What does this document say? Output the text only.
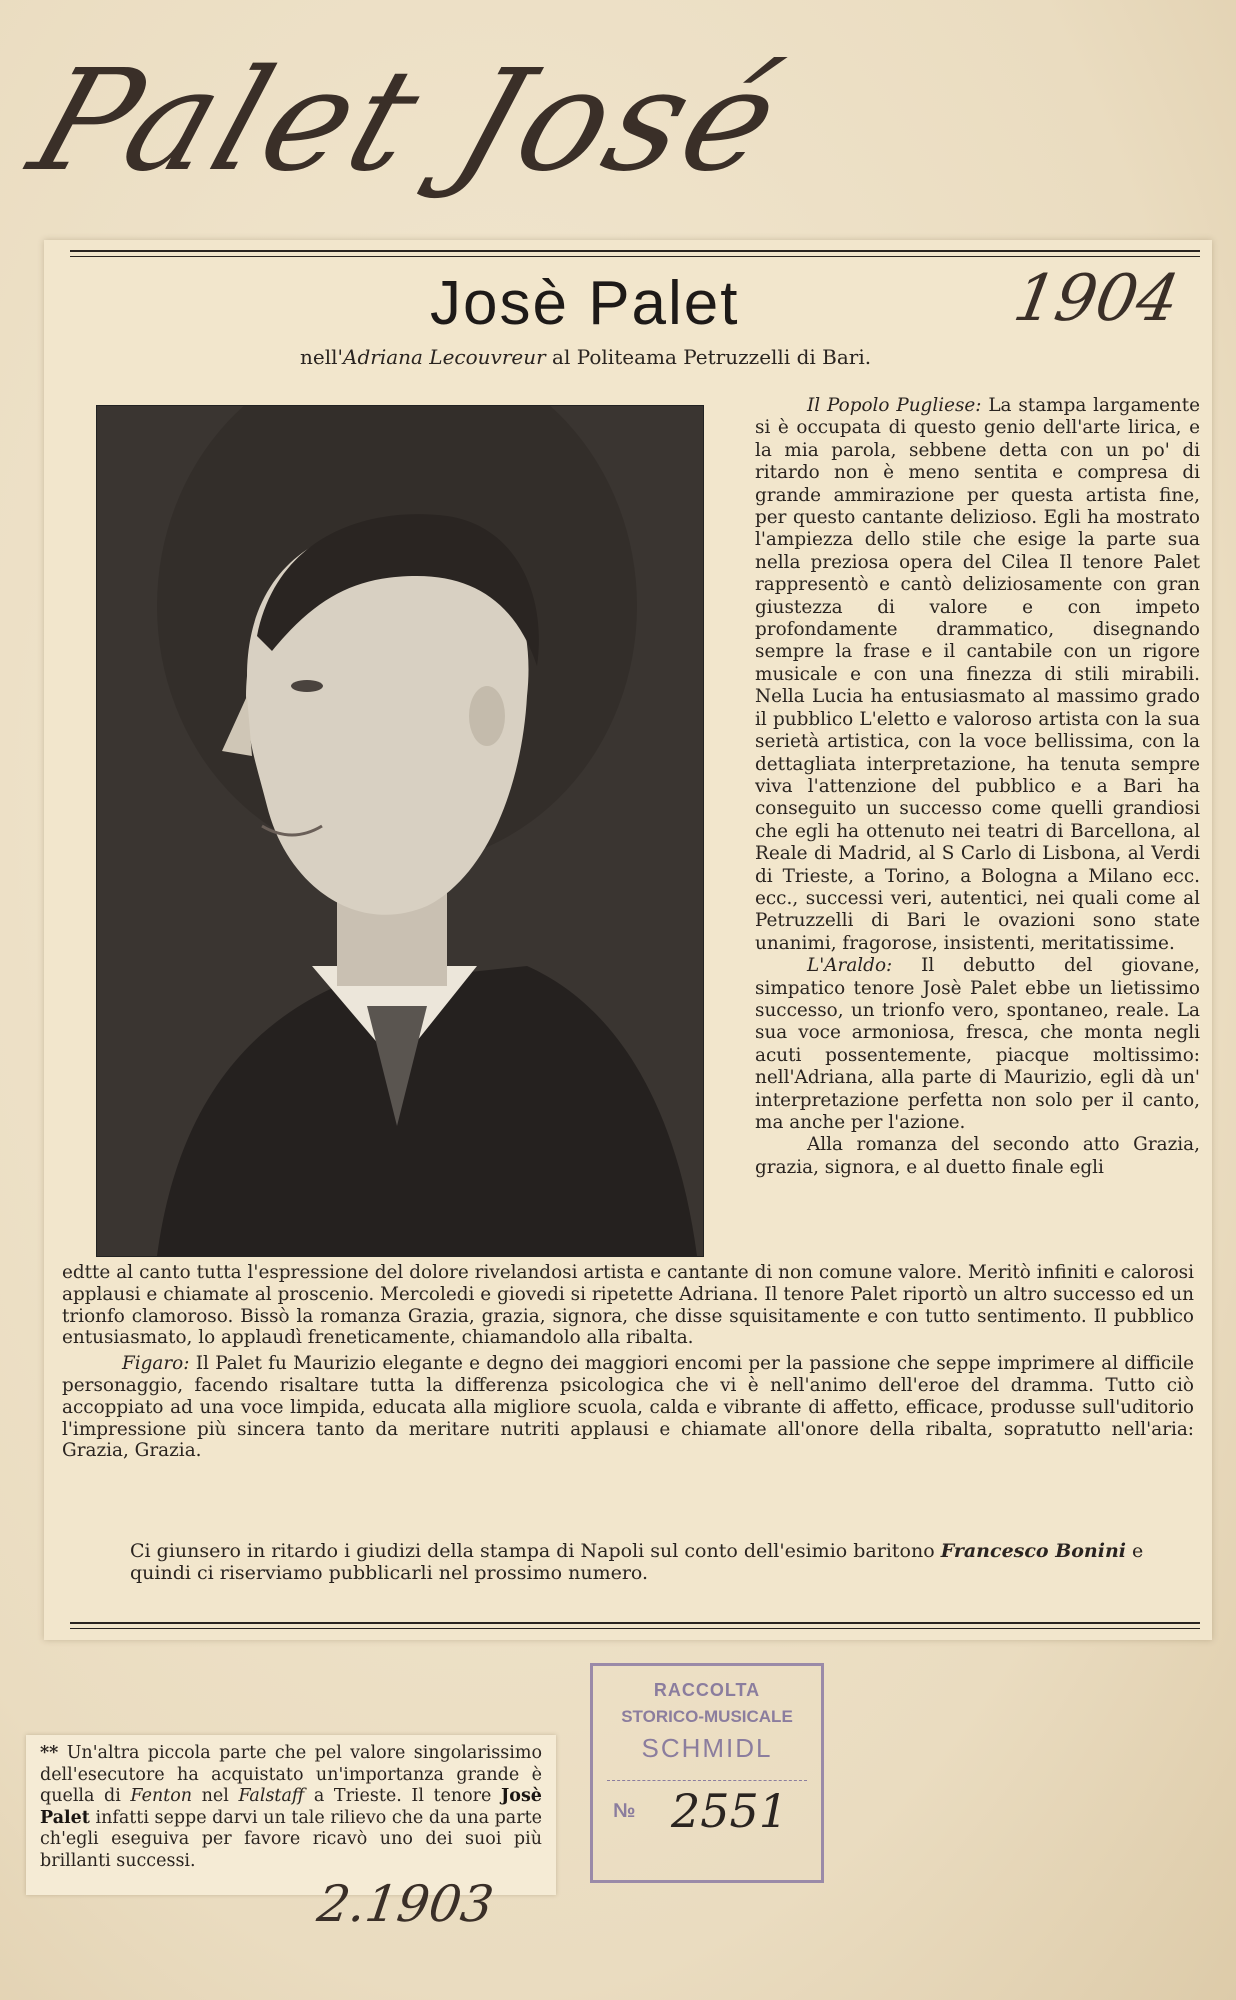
Palet José
Josè Palet	1904
nell'Adriana Lecouvreur al Politeama Petruzzelli di Bari.

Il Popolo Pugliese: La stampa largamente si è occupata di questo genio dell'arte lirica, e la mia parola, sebbene detta con un po' di ritardo non è meno sentita e compresa di grande ammirazione per questa artista fine, per questo cantante delizioso. Egli ha mostrato l'ampiezza dello stile che esige la parte sua nella preziosa opera del Cilea Il tenore Palet rappresentò e cantò deliziosamente con gran giustezza di valore e con impeto profondamente drammatico, disegnando sempre la frase e il cantabile con un rigore musicale e con una finezza di stili mirabili. Nella Lucia ha entusiasmato al massimo grado il pubblico L'eletto e valoroso artista con la sua serietà artistica, con la voce bellissima, con la dettagliata interpretazione, ha tenuta sempre viva l'attenzione del pubblico e a Bari ha conseguito un successo come quelli grandiosi che egli ha ottenuto nei teatri di Barcellona, al Reale di Madrid, al S Carlo di Lisbona, al Verdi di Trieste, a Torino, a Bologna a Milano ecc. ecc., successi veri, autentici, nei quali come al Petruzzelli di Bari le ovazioni sono state unanimi, fragorose, insistenti, meritatissime.

L'Araldo: Il debutto del giovane, simpatico tenore Josè Palet ebbe un lietissimo successo, un trionfo vero, spontaneo, reale. La sua voce armoniosa, fresca, che monta negli acuti possentemente, piacque moltissimo: nell'Adriana, alla parte di Maurizio, egli dà un' interpretazione perfetta non solo per il canto, ma anche per l'azione.

Alla romanza del secondo atto Grazia, grazia, signora, e al duetto finale egli

edtte al canto tutta l'espressione del dolore rivelandosi artista e cantante di non comune valore. Meritò infiniti e calorosi applausi e chiamate al proscenio. Mercoledi e giovedi si ripetette Adriana. Il tenore Palet riportò un altro successo ed un trionfo clamoroso. Bissò la romanza Grazia, grazia, signora, che disse squisitamente e con tutto sentimento. Il pubblico entusiasmato, lo applaudì freneticamente, chiamandolo alla ribalta.

Figaro: Il Palet fu Maurizio elegante e degno dei maggiori encomi per la passione che seppe imprimere al difficile personaggio, facendo risaltare tutta la differenza psicologica che vi è nell'animo dell'eroe del dramma. Tutto ciò accoppiato ad una voce limpida, educata alla migliore scuola, calda e vibrante di affetto, efficace, produsse sull'uditorio l'impressione più sincera tanto da meritare nutriti applausi e chiamate all'onore della ribalta, sopratutto nell'aria: Grazia, Grazia.

Ci giunsero in ritardo i giudizi della stampa di Napoli sul conto dell'esimio baritono Francesco Bonini e quindi ci riserviamo pubblicarli nel prossimo numero.
RACCOLTA
STORICO-MUSICALE
SCHMIDL
№ 2551

** Un'altra piccola parte che pel valore singolarissimo dell'esecutore ha acquistato un'importanza grande è quella di Fenton nel Falstaff a Trieste. Il tenore Josè Palet infatti seppe darvi un tale rilievo che da una parte ch'egli eseguiva per favore ricavò uno dei suoi più brillanti successi.

2.1903
